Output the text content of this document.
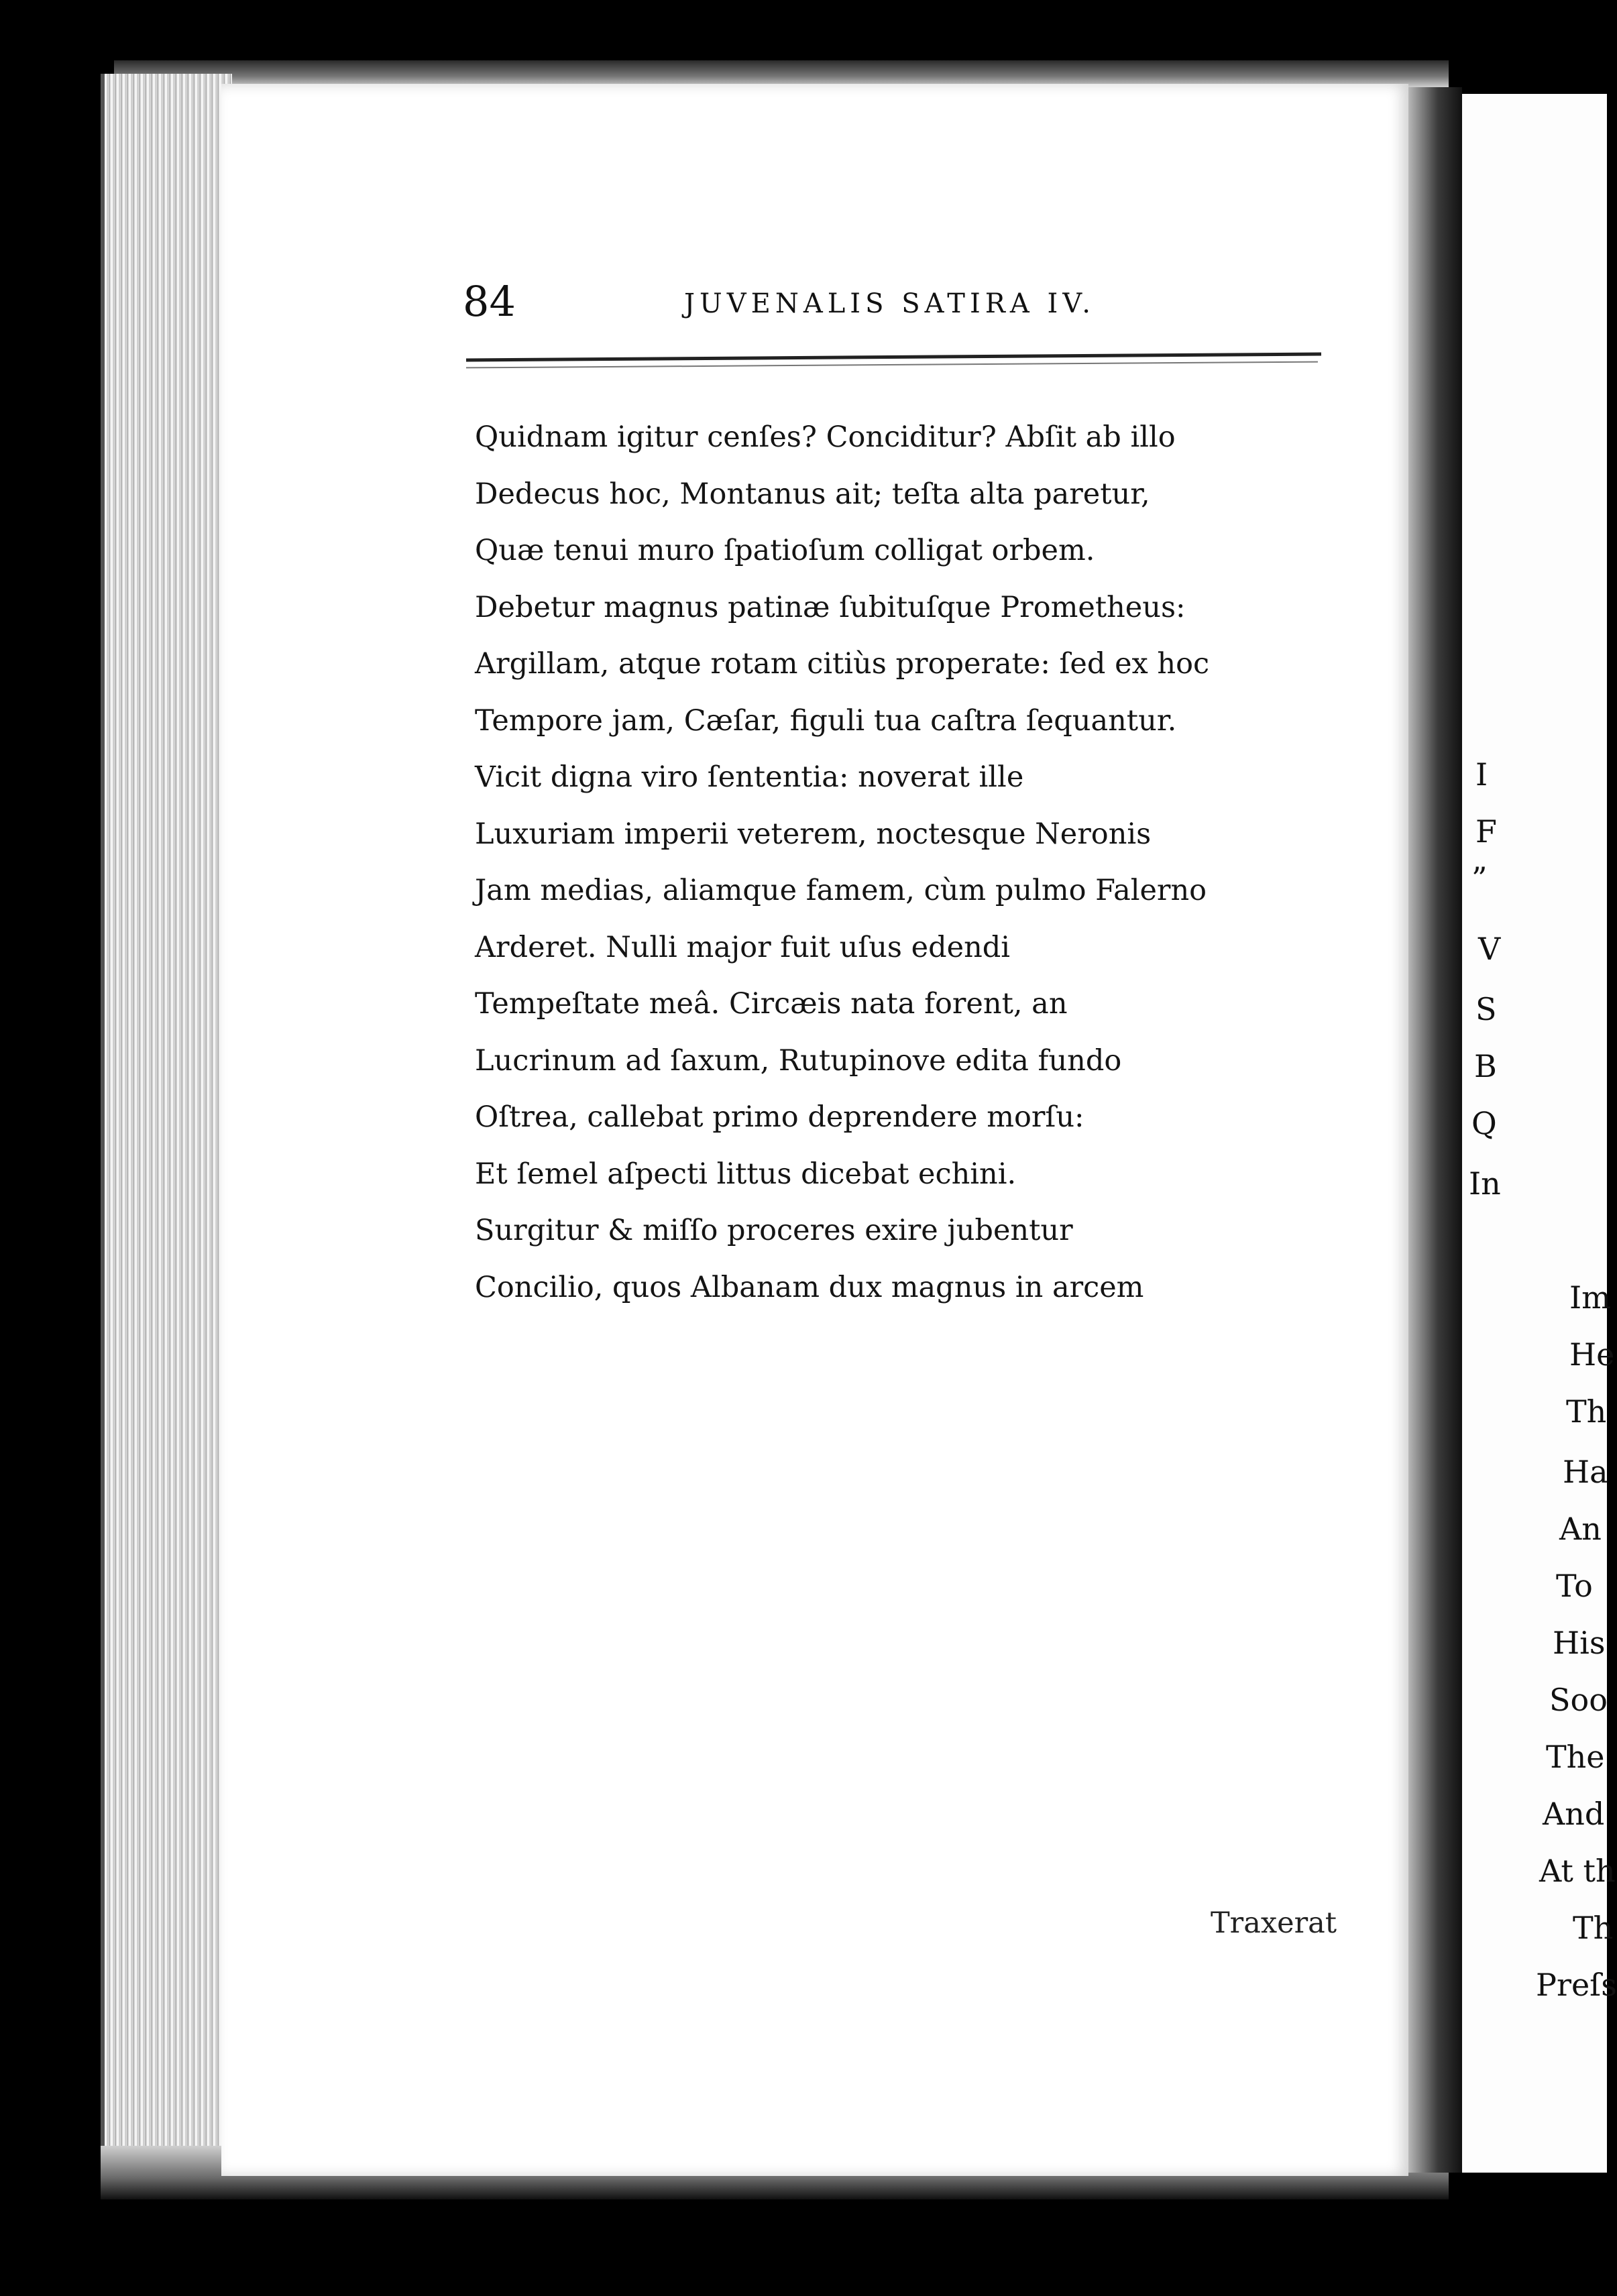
84	JUVENALIS SATIRA IV.
Quidnam igitur cenſes? Conciditur? Abſit ab illo
Dedecus hoc, Montanus ait; teſta alta paretur,
Quæ tenui muro ſpatioſum colligat orbem.
Debetur magnus patinæ ſubituſque Prometheus:
Argillam, atque rotam citiùs properate: ſed ex hoc
Tempore jam, Cæſar, figuli tua caſtra ſequantur.
Vicit digna viro ſententia: noverat ille
Luxuriam imperii veterem, noctesque Neronis
Jam medias, aliamque famem, cùm pulmo Falerno
Arderet. Nulli major fuit uſus edendi
Tempeſtate meâ. Circæis nata forent, an
Lucrinum ad ſaxum, Rutupinove edita fundo
Oſtrea, callebat primo deprendere morſu:
Et ſemel aſpecti littus dicebat echini.
Surgitur & miſſo proceres exire jubentur
Concilio, quos Albanam dux magnus in arcem
Traxerat
I
F
”
V
S
B
Q
In
Im
He
Th
Ha
An
To
His
Soo
The
And
At th
Th
Preſs
